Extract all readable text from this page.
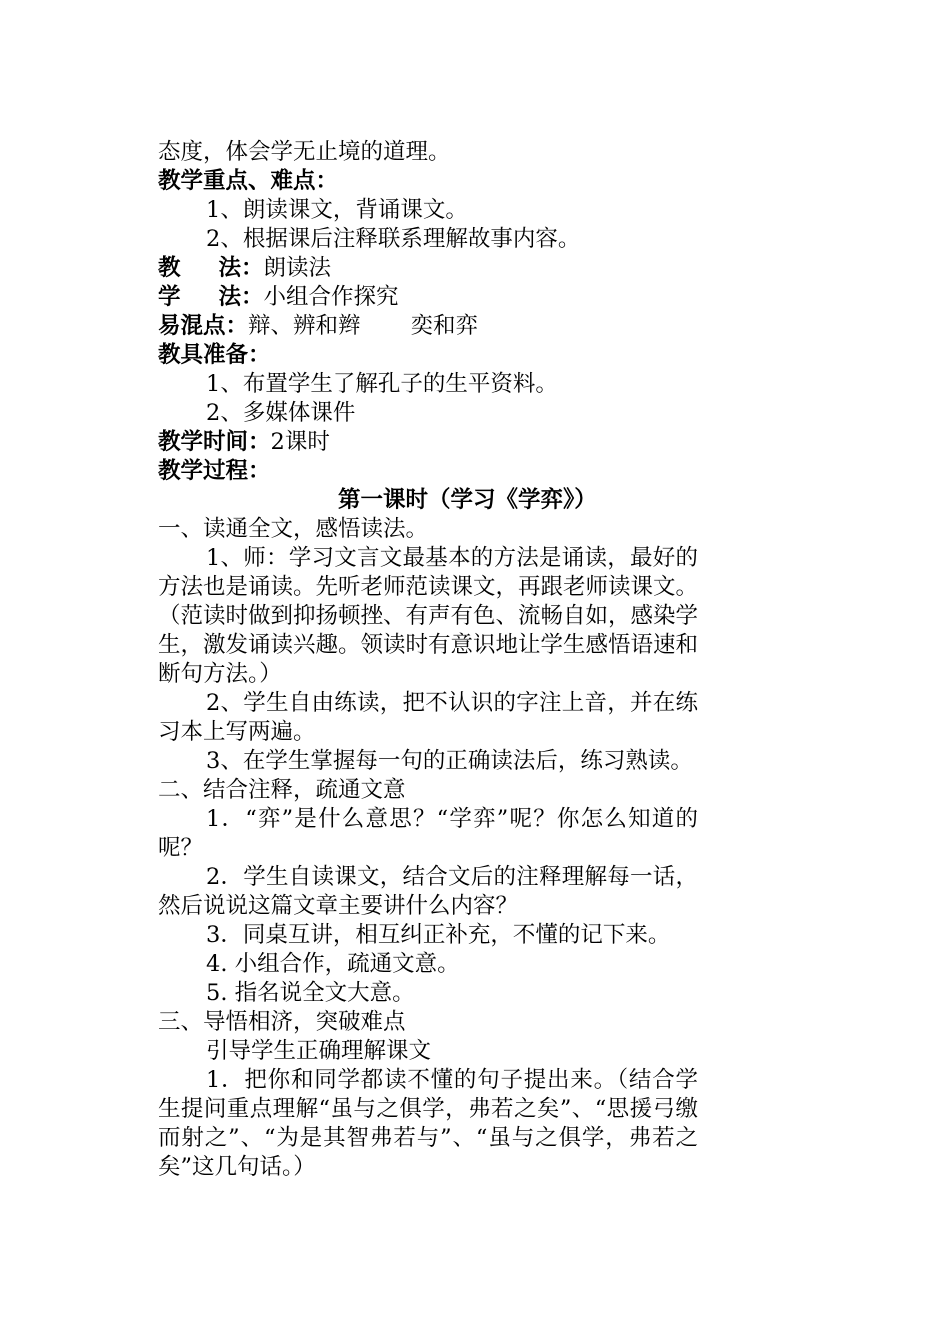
态度，体会学无止境的道理。
教学重点、难点：
1、朗读课文，背诵课文。
2、根据课后注释联系理解故事内容。
教 法：朗读法
学 法：小组合作探究
易混点：辩、辨和辫 奕和弈
教具准备：
1、布置学生了解孔子的生平资料。
2、多媒体课件
教学时间：2课时
教学过程：
第一课时（学习《学弈》）
一、读通全文，感悟读法。
1、师：学习文言文最基本的方法是诵读，最好的方法也是诵读。先听老师范读课文，再跟老师读课文。（范读时做到抑扬顿挫、有声有色、流畅自如，感染学生，激发诵读兴趣。领读时有意识地让学生感悟语速和断句方法。）
2、学生自由练读，把不认识的字注上音，并在练习本上写两遍。
3、在学生掌握每一句的正确读法后，练习熟读。
二、结合注释，疏通文意
1．“弈”是什么意思？“学弈”呢？你怎么知道的呢？
2．学生自读课文，结合文后的注释理解每一话，然后说说这篇文章主要讲什么内容？
3．同桌互讲，相互纠正补充，不懂的记下来。
4. 小组合作，疏通文意。
5. 指名说全文大意。
三、导悟相济，突破难点
引导学生正确理解课文
1．把你和同学都读不懂的句子提出来。（结合学生提问重点理解“虽与之俱学，弗若之矣”、“思援弓缴而射之”、“为是其智弗若与”、“虽与之俱学，弗若之矣”这几句话。）
